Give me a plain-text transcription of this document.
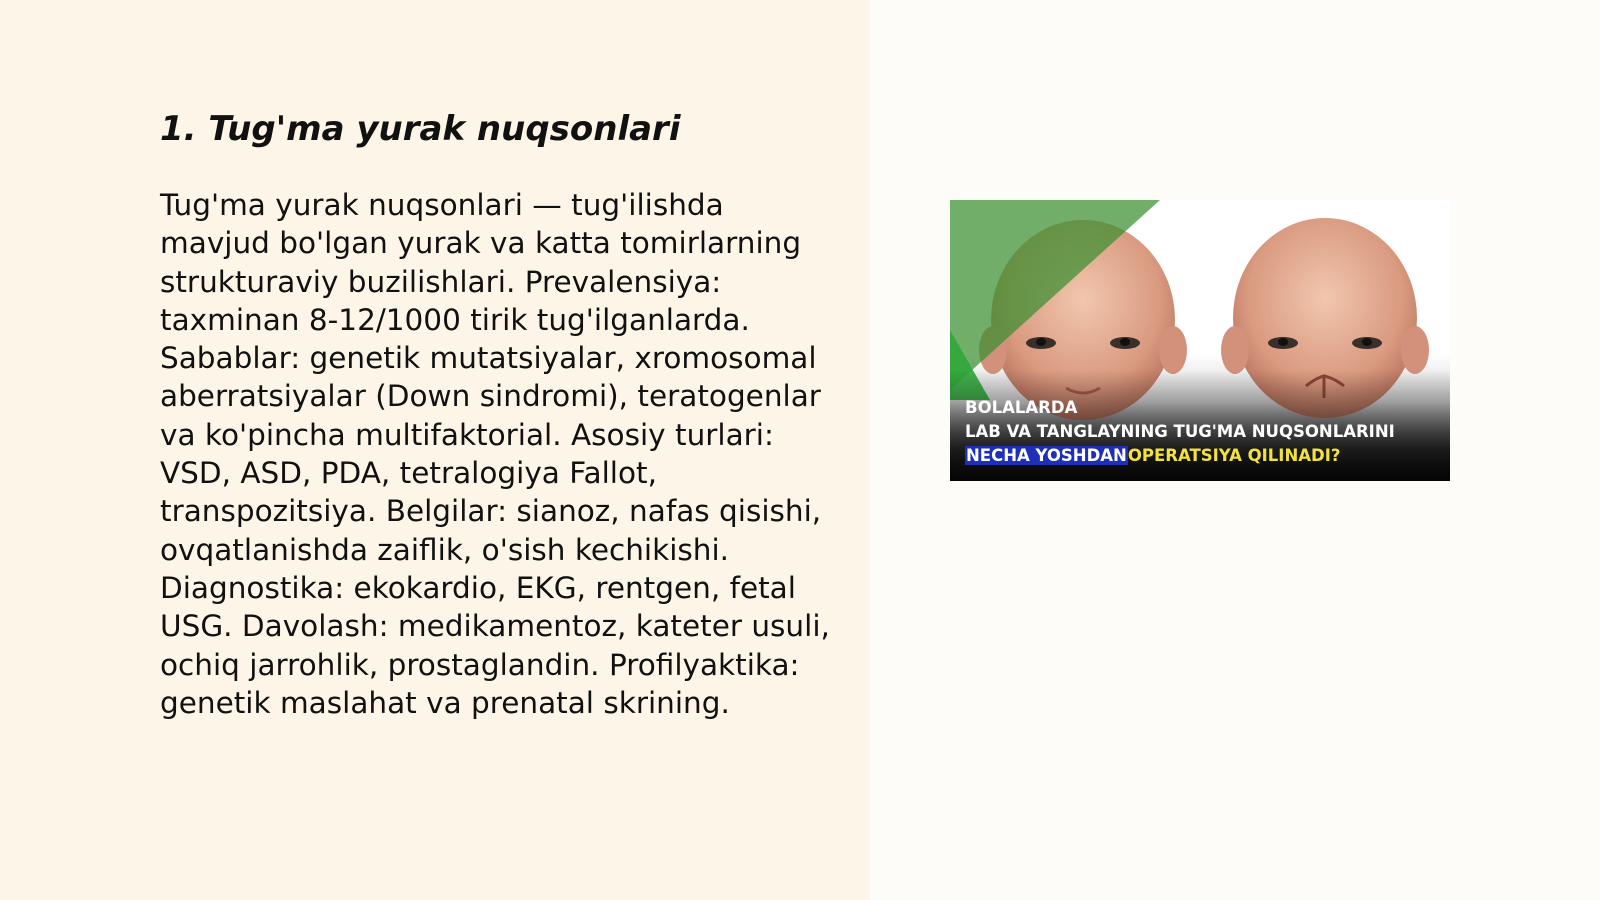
1. Tug'ma yurak nuqsonlari

Tug'ma yurak nuqsonlari — tug'ilishda mavjud bo'lgan yurak va katta tomirlarning strukturaviy buzilishlari. Prevalensiya: taxminan 8-12/1000 tirik tug'ilganlarda. Sabablar: genetik mutatsiyalar, xromosomal aberratsiyalar (Down sindromi), teratogenlar va ko'pincha multifaktorial. Asosiy turlari: VSD, ASD, PDA, tetralogiya Fallot, transpozitsiya. Belgilar: sianoz, nafas qisishi, ovqatlanishda zaiflik, o'sish kechikishi. Diagnostika: ekokardio, EKG, rentgen, fetal USG. Davolash: medikamentoz, kateter usuli, ochiq jarrohlik, prostaglandin. Profilyaktika: genetik maslahat va prenatal skrining.

BOLALARDA
LAB VA TANGLAYNING TUG'MA NUQSONLARINI
NECHA YOSHDANOPERATSIYA QILINADI?
